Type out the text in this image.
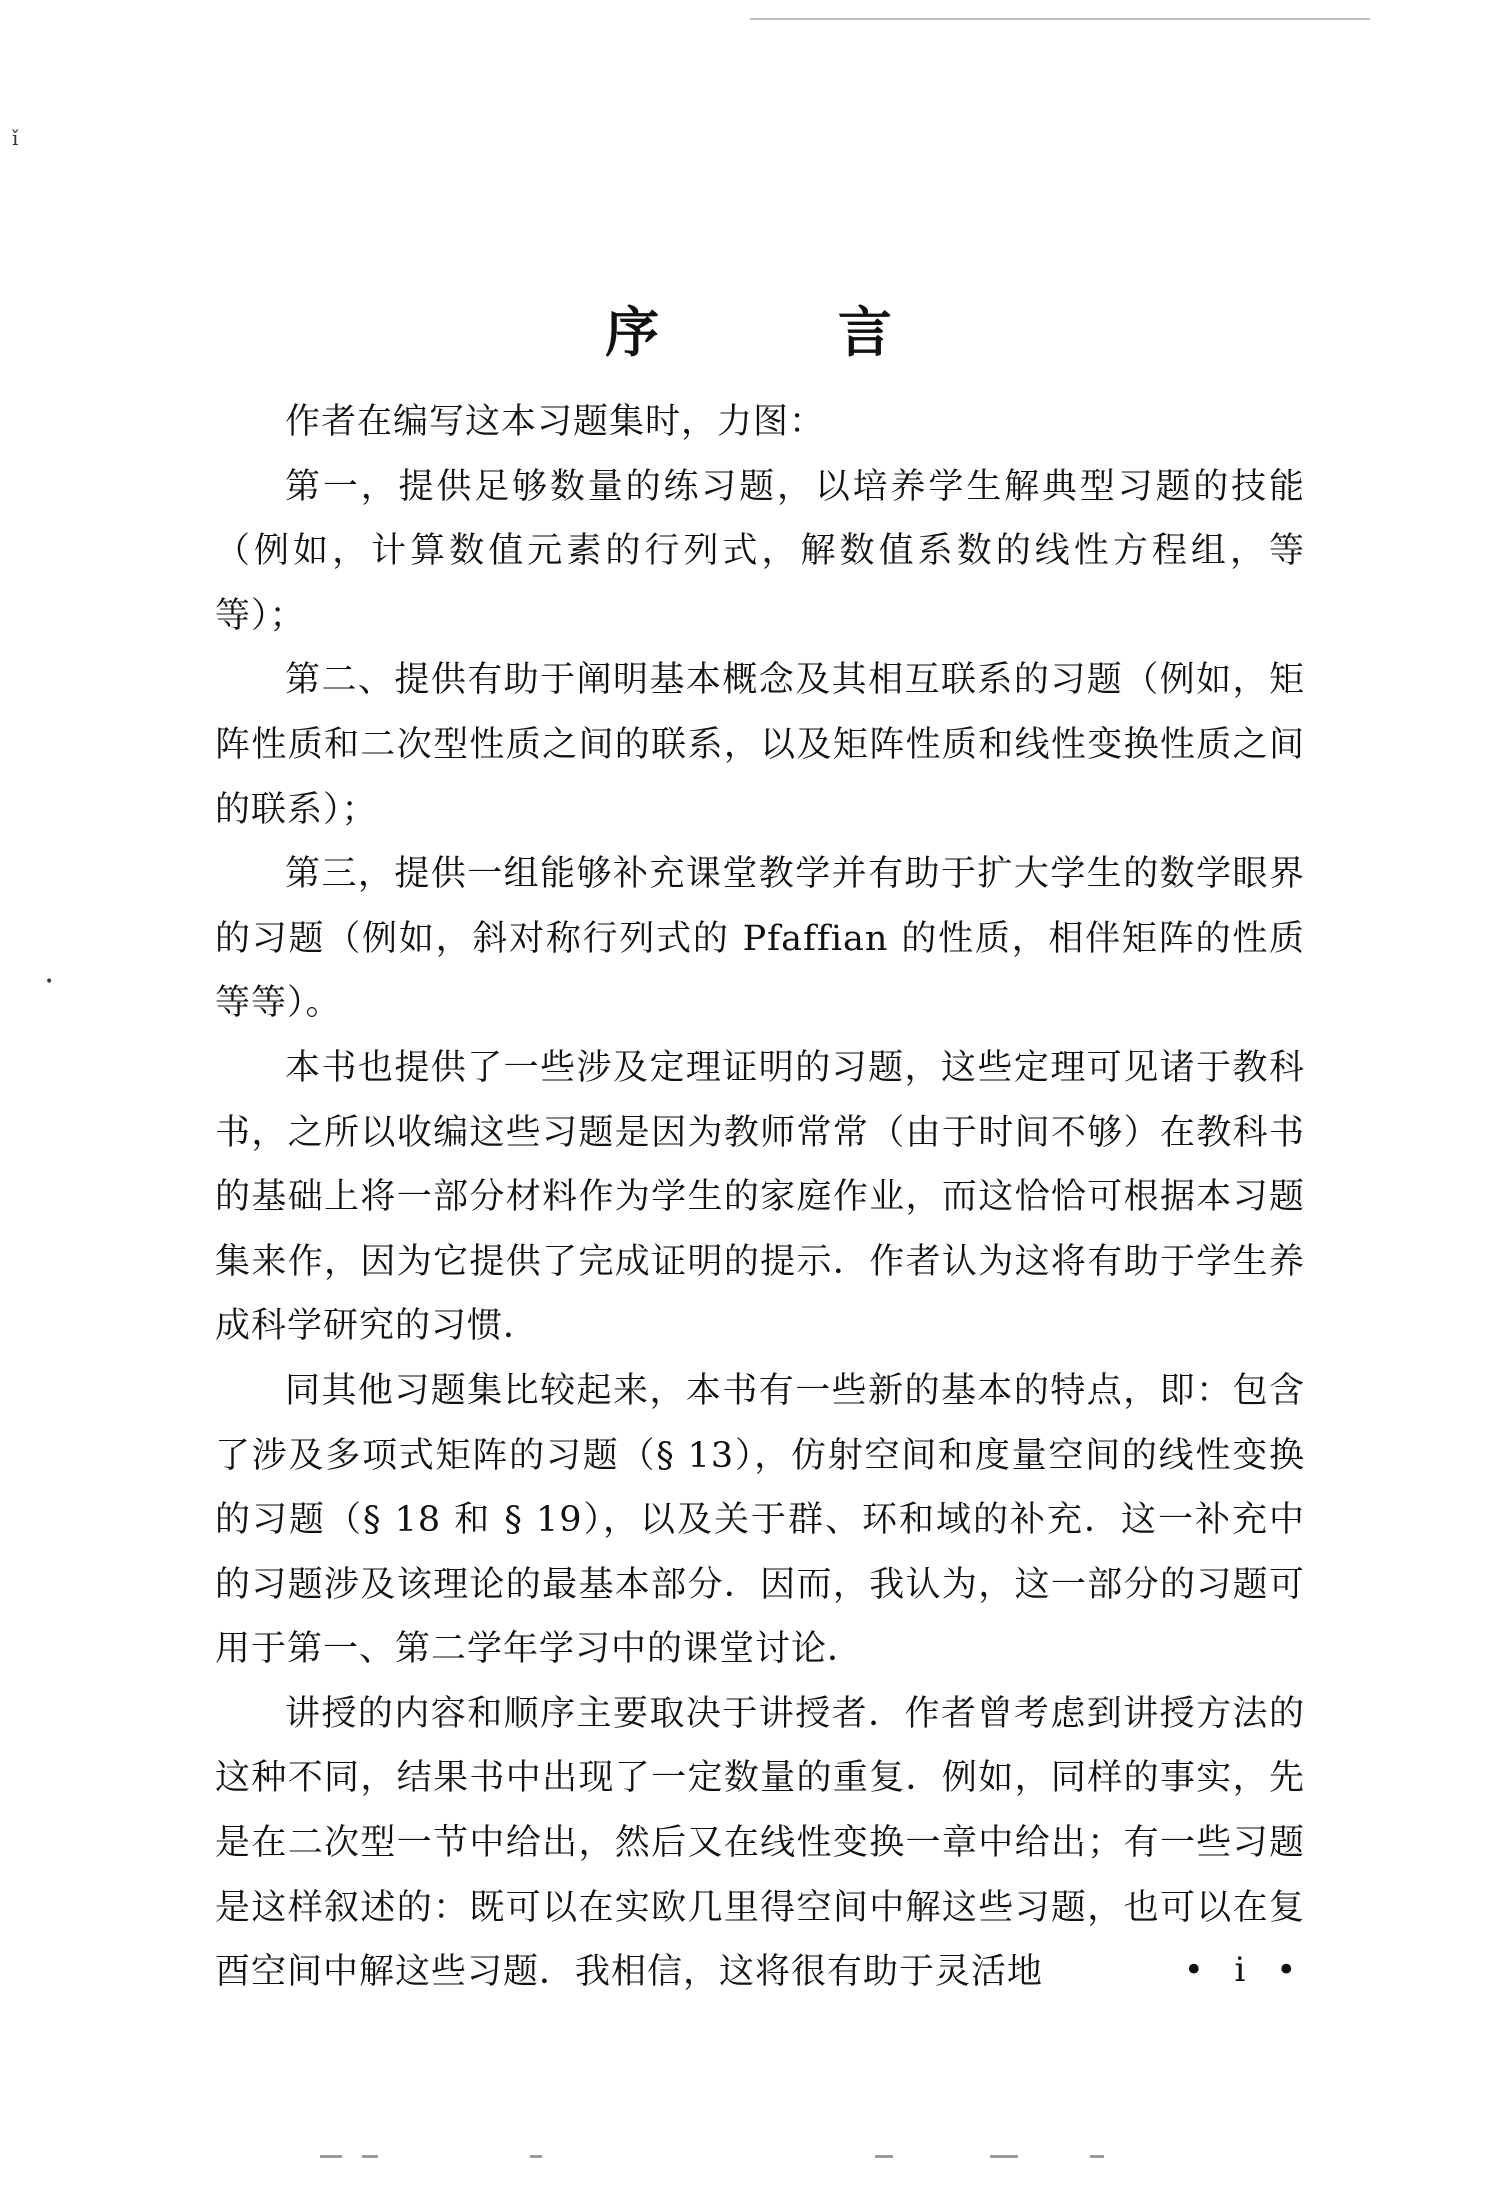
ǐ
•
序 言

作者在编写这本习题集时，力图：

第一，提供足够数量的练习题，以培养学生解典型习题的技能（例如，计算数值元素的行列式，解数值系数的线性方程组，等等）；

第二、提供有助于阐明基本概念及其相互联系的习题（例如，矩阵性质和二次型性质之间的联系，以及矩阵性质和线性变换性质之间的联系）；

第三，提供一组能够补充课堂教学并有助于扩大学生的数学眼界的习题（例如，斜对称行列式的 Pfaffian 的性质，相伴矩阵的性质等等）。

本书也提供了一些涉及定理证明的习题，这些定理可见诸于教科书，之所以收编这些习题是因为教师常常（由于时间不够）在教科书的基础上将一部分材料作为学生的家庭作业，而这恰恰可根据本习题集来作，因为它提供了完成证明的提示．作者认为这将有助于学生养成科学研究的习惯．

同其他习题集比较起来，本书有一些新的基本的特点，即：包含了涉及多项式矩阵的习题（§ 13），仿射空间和度量空间的线性变换的习题（§ 18 和 § 19），以及关于群、环和域的补充．这一补充中的习题涉及该理论的最基本部分．因而，我认为，这一部分的习题可用于第一、第二学年学习中的课堂讨论．

讲授的内容和顺序主要取决于讲授者．作者曾考虑到讲授方法的这种不同，结果书中出现了一定数量的重复．例如，同样的事实，先是在二次型一节中给出，然后又在线性变换一章中给出；有一些习题是这样叙述的：既可以在实欧几里得空间中解这些习题，也可以在复酉空间中解这些习题．我相信，这将很有助于灵活地	• i •
